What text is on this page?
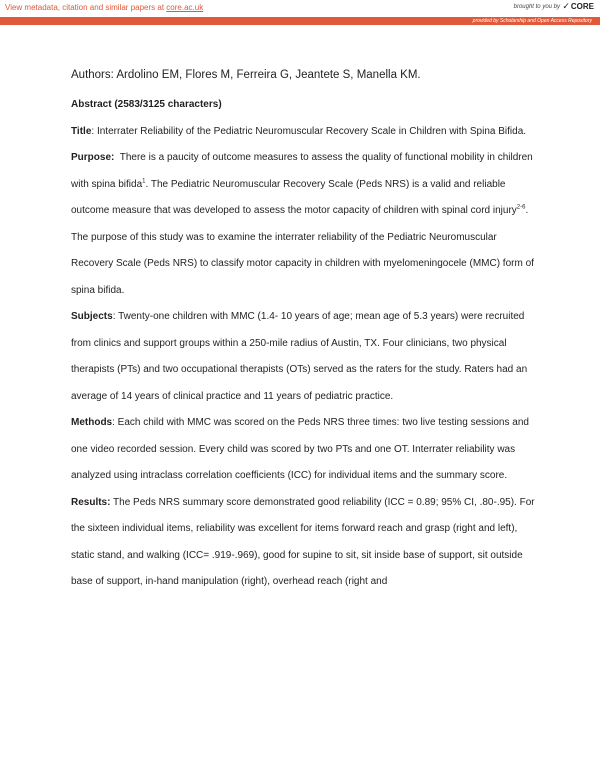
View metadata, citation and similar papers at core.ac.uk	brought to you by ✓CORE
provided by Scholarship and Open Access Repository
Authors: Ardolino EM, Flores M, Ferreira G, Jeantete S, Manella KM.

Abstract (2583/3125 characters)

Title: Interrater Reliability of the Pediatric Neuromuscular Recovery Scale in Children with Spina Bifida.

Purpose: There is a paucity of outcome measures to assess the quality of functional mobility in children with spina bifida$^1$. The Pediatric Neuromuscular Recovery Scale (Peds NRS) is a valid and reliable outcome measure that was developed to assess the motor capacity of children with spinal cord injury$^{2-6}$. The purpose of this study was to examine the interrater reliability of the Pediatric Neuromuscular Recovery Scale (Peds NRS) to classify motor capacity in children with myelomeningocele (MMC) form of spina bifida.

Subjects: Twenty-one children with MMC (1.4- 10 years of age; mean age of 5.3 years) were recruited from clinics and support groups within a 250-mile radius of Austin, TX. Four clinicians, two physical therapists (PTs) and two occupational therapists (OTs) served as the raters for the study. Raters had an average of 14 years of clinical practice and 11 years of pediatric practice.

Methods: Each child with MMC was scored on the Peds NRS three times: two live testing sessions and one video recorded session. Every child was scored by two PTs and one OT. Interrater reliability was analyzed using intraclass correlation coefficients (ICC) for individual items and the summary score.

Results: The Peds NRS summary score demonstrated good reliability (ICC = 0.89; 95% CI, .80-.95). For the sixteen individual items, reliability was excellent for items forward reach and grasp (right and left), static stand, and walking (ICC= .919-.969), good for supine to sit, sit inside base of support, sit outside base of support, in-hand manipulation (right), overhead reach (right and
